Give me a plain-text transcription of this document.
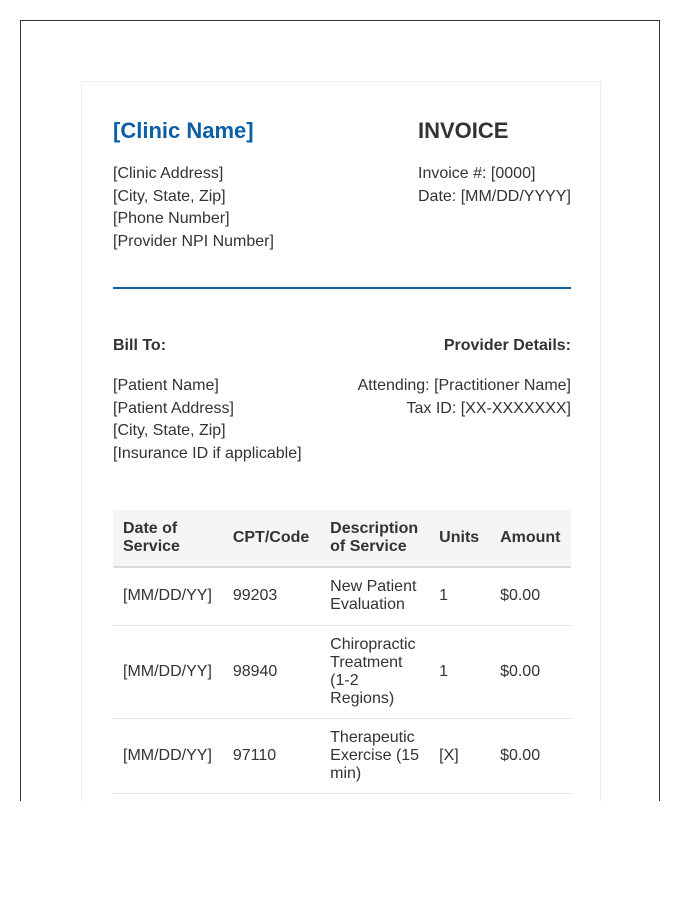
[Clinic Name]	INVOICE
[Clinic Address]
[City, State, Zip]
[Phone Number]
[Provider NPI Number]
Invoice #: [0000]
Date: [MM/DD/YYYY]
Bill To:	Provider Details:
[Patient Name]
[Patient Address]
[City, State, Zip]
[Insurance ID if applicable]
Attending: [Practitioner Name]
Tax ID: [XX-XXXXXXX]
Date of Service	CPT/Code	Description of Service	Units	Amount
[MM/DD/YY]	99203	New Patient Evaluation	1	$0.00
[MM/DD/YY]	98940	Chiropractic Treatment (1-2 Regions)	1	$0.00
[MM/DD/YY]	97110	Therapeutic Exercise (15 min)	[X]	$0.00
